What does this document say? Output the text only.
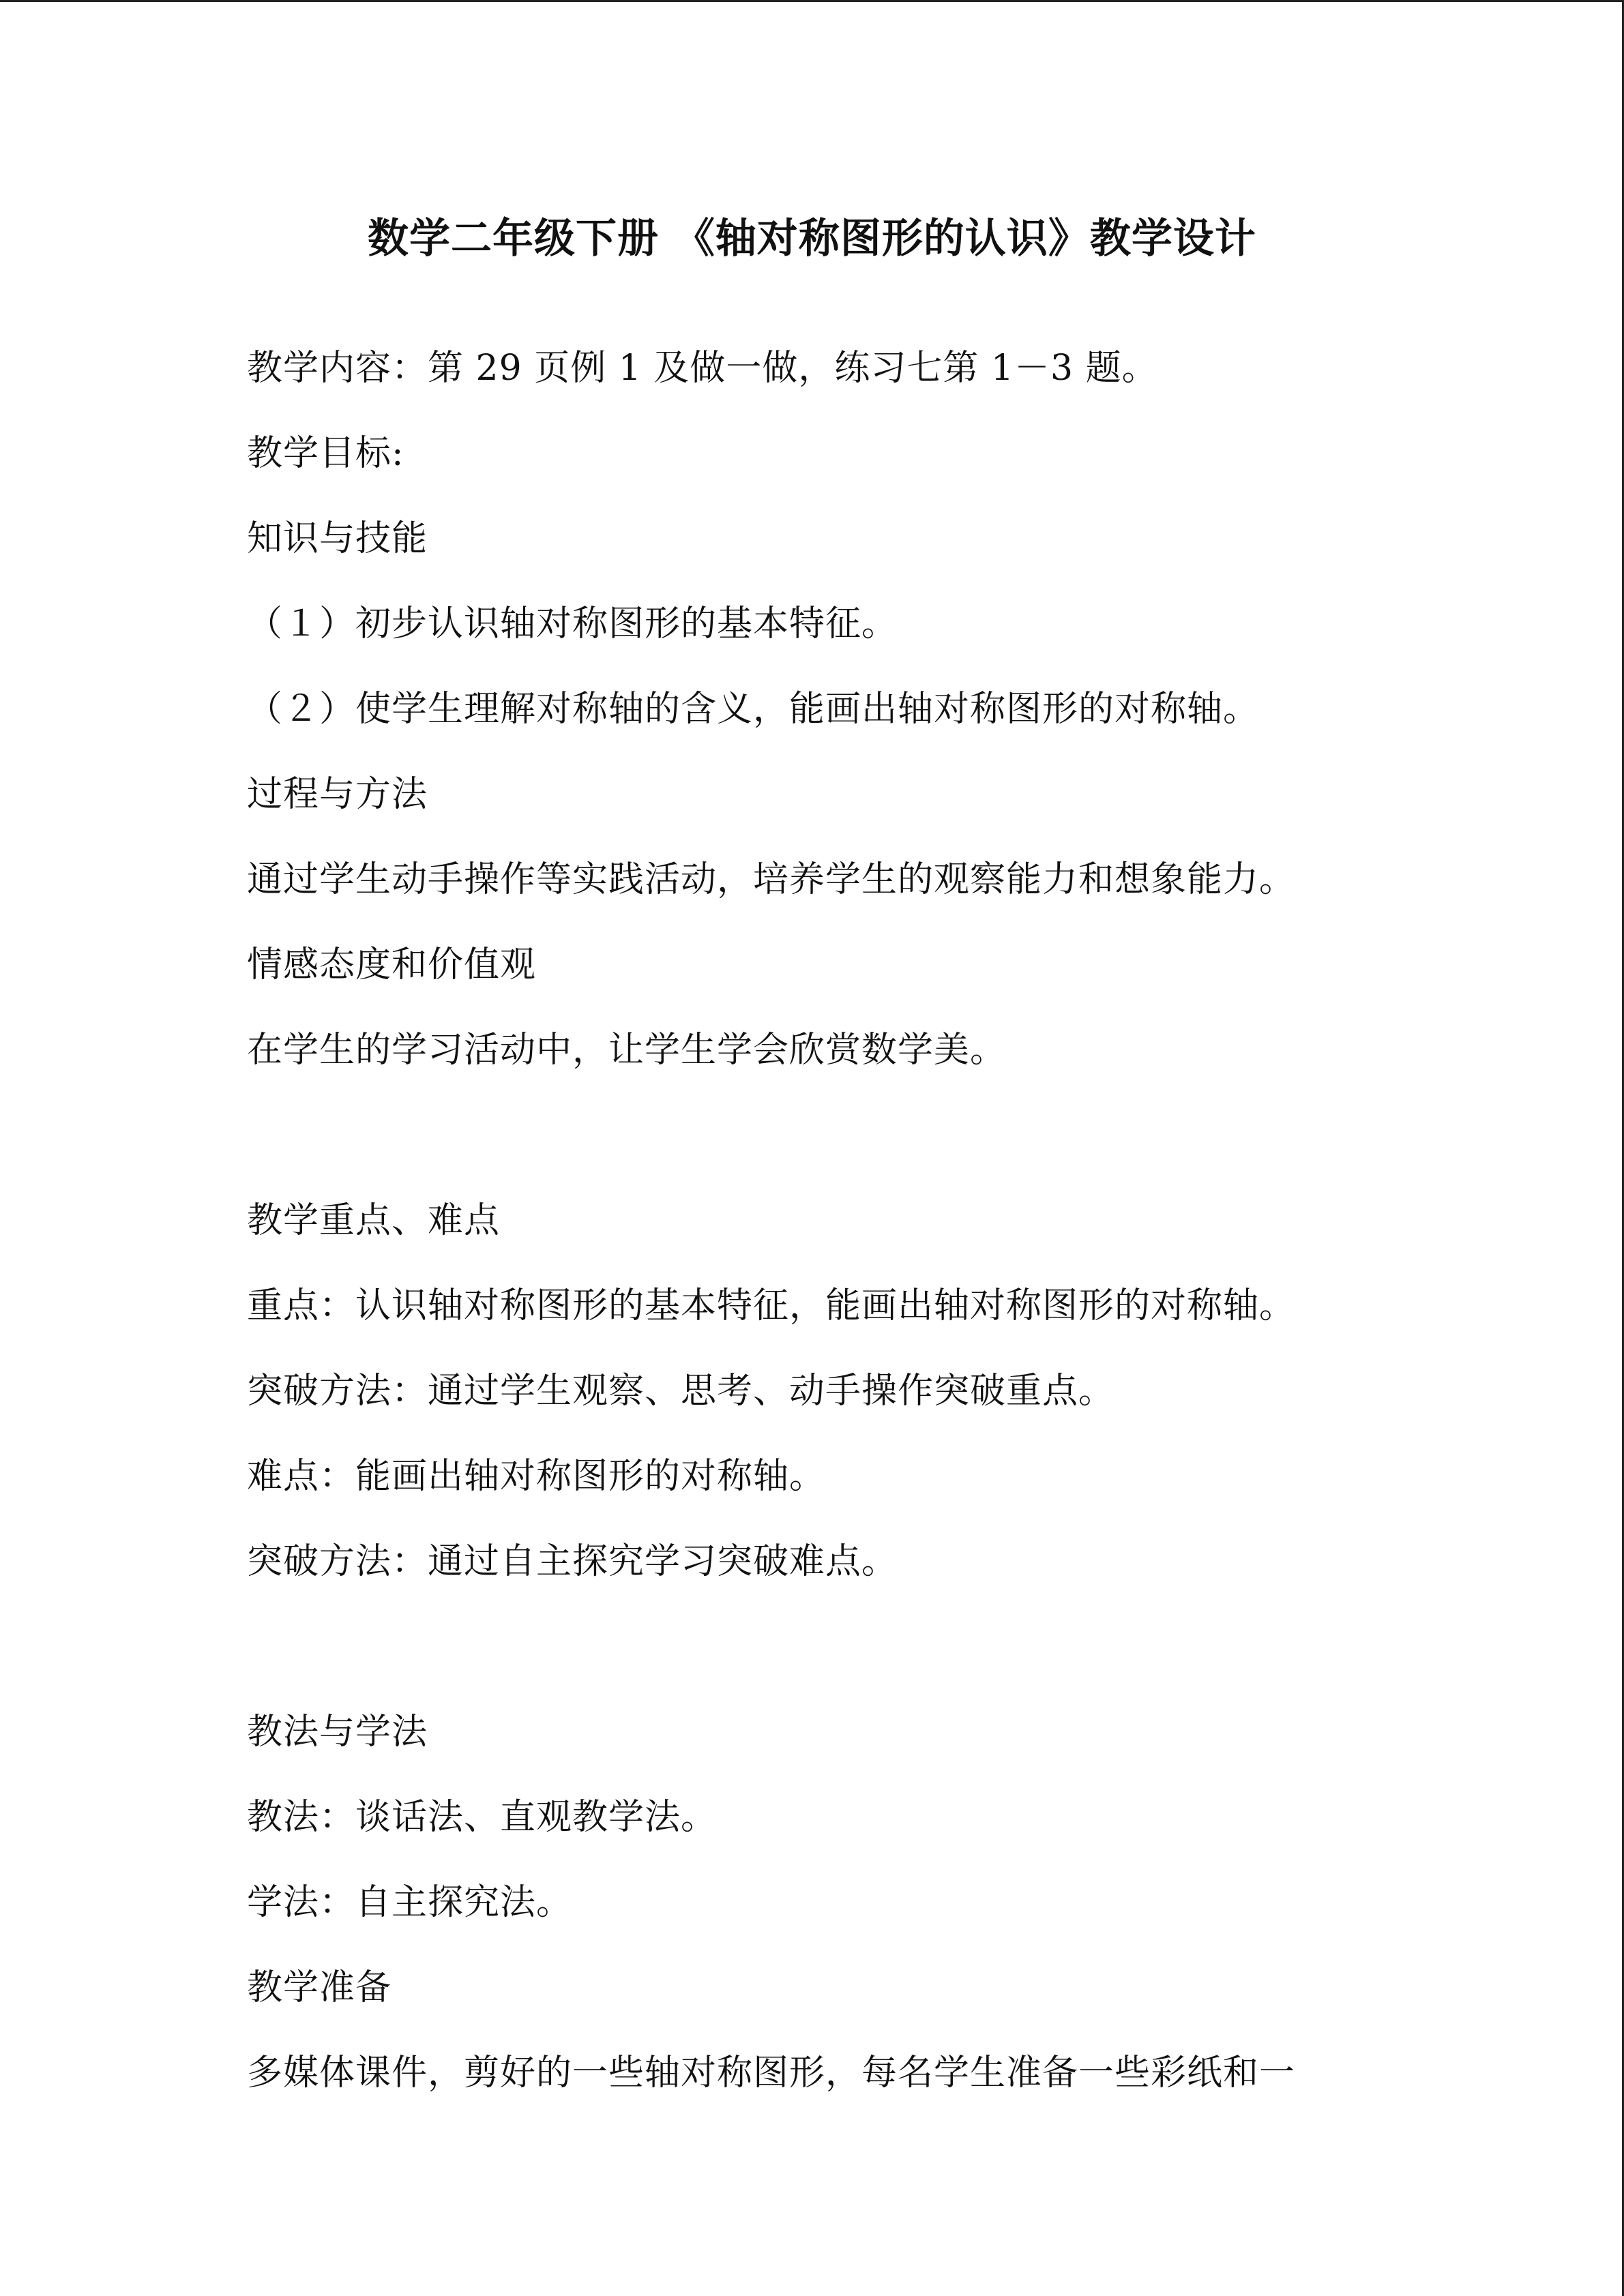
数学二年级下册 《轴对称图形的认识》教学设计
教学内容：第 29 页例 1 及做一做，练习七第 1－3 题。
教学目标:
知识与技能
（１）初步认识轴对称图形的基本特征。
（２）使学生理解对称轴的含义，能画出轴对称图形的对称轴。
过程与方法
通过学生动手操作等实践活动，培养学生的观察能力和想象能力。
情感态度和价值观
在学生的学习活动中，让学生学会欣赏数学美。
教学重点、难点
重点：认识轴对称图形的基本特征，能画出轴对称图形的对称轴。
突破方法：通过学生观察、思考、动手操作突破重点。
难点：能画出轴对称图形的对称轴。
突破方法：通过自主探究学习突破难点。
教法与学法
教法：谈话法、直观教学法。
学法：自主探究法。
教学准备
多媒体课件，剪好的一些轴对称图形，每名学生准备一些彩纸和一
